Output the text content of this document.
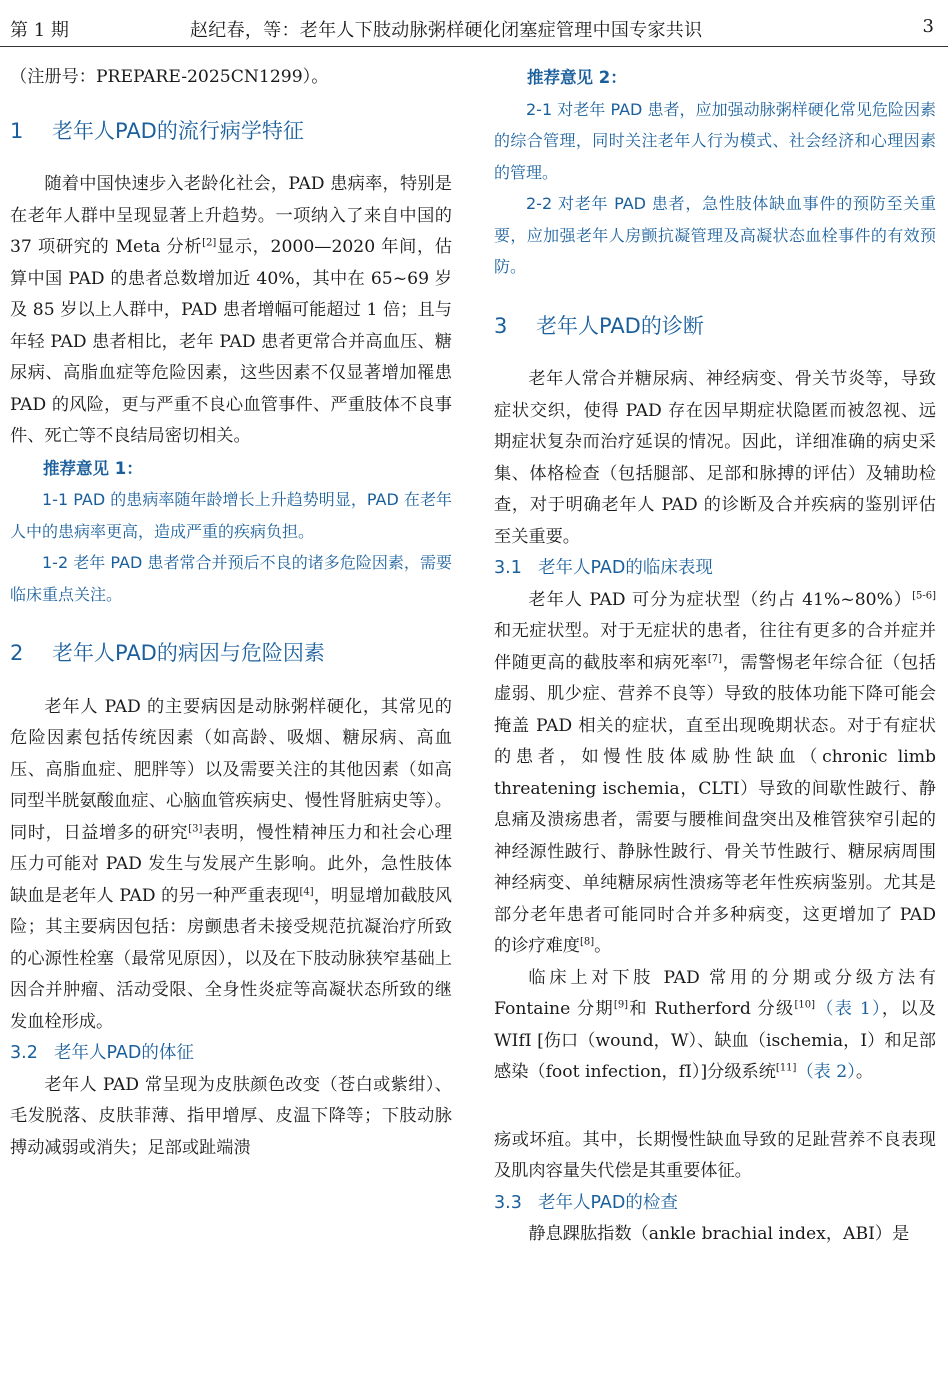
第 1 期	赵纪春，等：老年人下肢动脉粥样硬化闭塞症管理中国专家共识	3

（注册号：PREPARE-2025CN1299）。

1 老年人PAD的流行病学特征

随着中国快速步入老龄化社会，PAD 患病率，特别是在老年人群中呈现显著上升趋势。一项纳入了来自中国的 37 项研究的 Meta 分析[2]显示，2000—2020 年间，估算中国 PAD 的患者总数增加近 40%，其中在 65~69 岁及 85 岁以上人群中，PAD 患者增幅可能超过 1 倍；且与年轻 PAD 患者相比，老年 PAD 患者更常合并高血压、糖尿病、高脂血症等危险因素，这些因素不仅显著增加罹患 PAD 的风险，更与严重不良心血管事件、严重肢体不良事件、死亡等不良结局密切相关。

推荐意见 1：

1-1 PAD 的患病率随年龄增长上升趋势明显，PAD 在老年人中的患病率更高，造成严重的疾病负担。

1-2 老年 PAD 患者常合并预后不良的诸多危险因素，需要临床重点关注。

2 老年人PAD的病因与危险因素

老年人 PAD 的主要病因是动脉粥样硬化，其常见的危险因素包括传统因素（如高龄、吸烟、糖尿病、高血压、高脂血症、肥胖等）以及需要关注的其他因素（如高同型半胱氨酸血症、心脑血管疾病史、慢性肾脏病史等）。同时，日益增多的研究[3]表明，慢性精神压力和社会心理压力可能对 PAD 发生与发展产生影响。此外，急性肢体缺血是老年人 PAD 的另一种严重表现[4]，明显增加截肢风险；其主要病因包括：房颤患者未接受规范抗凝治疗所致的心源性栓塞（最常见原因），以及在下肢动脉狭窄基础上因合并肿瘤、活动受限、全身性炎症等高凝状态所致的继发血栓形成。

3.2 老年人PAD的体征

老年人 PAD 常呈现为皮肤颜色改变（苍白或紫绀）、毛发脱落、皮肤菲薄、指甲增厚、皮温下降等；下肢动脉搏动减弱或消失；足部或趾端溃

推荐意见 2：

2-1 对老年 PAD 患者，应加强动脉粥样硬化常见危险因素的综合管理，同时关注老年人行为模式、社会经济和心理因素的管理。

2-2 对老年 PAD 患者，急性肢体缺血事件的预防至关重要，应加强老年人房颤抗凝管理及高凝状态血栓事件的有效预防。

3 老年人PAD的诊断

老年人常合并糖尿病、神经病变、骨关节炎等，导致症状交织，使得 PAD 存在因早期症状隐匿而被忽视、远期症状复杂而治疗延误的情况。因此，详细准确的病史采集、体格检查（包括腿部、足部和脉搏的评估）及辅助检查，对于明确老年人 PAD 的诊断及合并疾病的鉴别评估至关重要。

3.1 老年人PAD的临床表现

老年人 PAD 可分为症状型（约占 41%~80%）[5-6]和无症状型。对于无症状的患者，往往有更多的合并症并伴随更高的截肢率和病死率[7]，需警惕老年综合征（包括虚弱、肌少症、营养不良等）导致的肢体功能下降可能会掩盖 PAD 相关的症状，直至出现晚期状态。对于有症状的患者，如慢性肢体威胁性缺血（chronic limb threatening ischemia，CLTI）导致的间歇性跛行、静息痛及溃疡患者，需要与腰椎间盘突出及椎管狭窄引起的神经源性跛行、静脉性跛行、骨关节性跛行、糖尿病周围神经病变、单纯糖尿病性溃疡等老年性疾病鉴别。尤其是部分老年患者可能同时合并多种病变，这更增加了 PAD 的诊疗难度[8]。

临床上对下肢 PAD 常用的分期或分级方法有 Fontaine 分期[9]和 Rutherford 分级[10]（表 1），以及 WIfI [伤口（wound，W）、缺血（ischemia，I）和足部感染（foot infection，fI）]分级系统[11]（表 2）。

疡或坏疽。其中，长期慢性缺血导致的足趾营养不良表现及肌肉容量失代偿是其重要体征。

3.3 老年人PAD的检查

静息踝肱指数（ankle brachial index，ABI）是
